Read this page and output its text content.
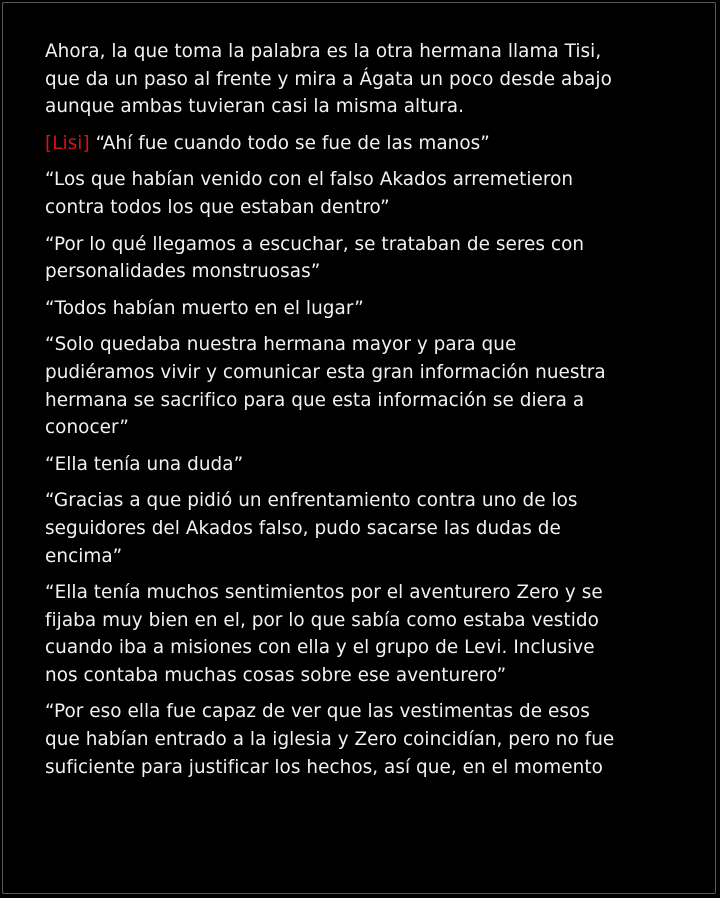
Ahora, la que toma la palabra es la otra hermana llama Tisi,
que da un paso al frente y mira a Ágata un poco desde abajo
aunque ambas tuvieran casi la misma altura.

[Lisi] “Ahí fue cuando todo se fue de las manos”

“Los que habían venido con el falso Akados arremetieron
contra todos los que estaban dentro”

“Por lo qué llegamos a escuchar, se trataban de seres con
personalidades monstruosas”

“Todos habían muerto en el lugar”

“Solo quedaba nuestra hermana mayor y para que
pudiéramos vivir y comunicar esta gran información nuestra
hermana se sacrifico para que esta información se diera a
conocer”

“Ella tenía una duda”

“Gracias a que pidió un enfrentamiento contra uno de los
seguidores del Akados falso, pudo sacarse las dudas de
encima”

“Ella tenía muchos sentimientos por el aventurero Zero y se
fijaba muy bien en el, por lo que sabía como estaba vestido
cuando iba a misiones con ella y el grupo de Levi. Inclusive
nos contaba muchas cosas sobre ese aventurero”

“Por eso ella fue capaz de ver que las vestimentas de esos
que habían entrado a la iglesia y Zero coincidían, pero no fue
suficiente para justificar los hechos, así que, en el momento
